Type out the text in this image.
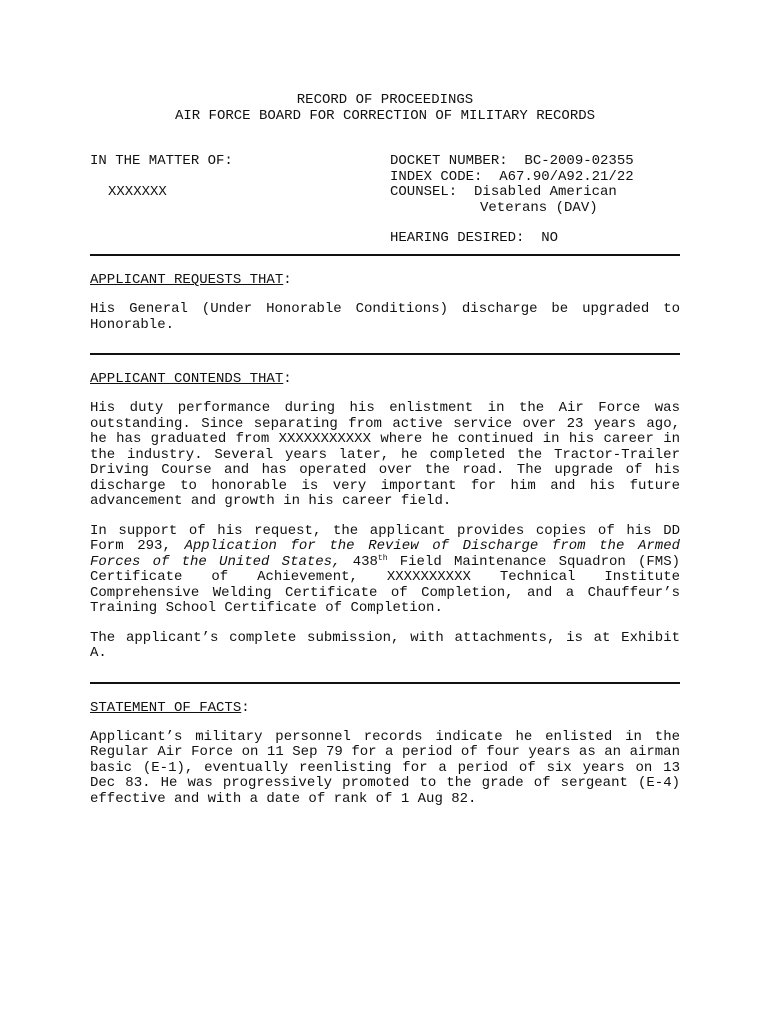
RECORD OF PROCEEDINGS
AIR FORCE BOARD FOR CORRECTION OF MILITARY RECORDS
IN THE MATTER OF:
XXXXXXX
DOCKET NUMBER:  BC-2009-02355
INDEX CODE:  A67.90/A92.21/22
COUNSEL:  Disabled American
Veterans (DAV)
HEARING DESIRED:  NO
APPLICANT REQUESTS THAT:

His General (Under Honorable Conditions) discharge be upgraded to Honorable.

APPLICANT CONTENDS THAT:

His duty performance during his enlistment in the Air Force was outstanding. Since separating from active service over 23 years ago, he has graduated from XXXXXXXXXXX where he continued in his career in the industry. Several years later, he completed the Tractor-Trailer Driving Course and has operated over the road. The upgrade of his discharge to honorable is very important for him and his future advancement and growth in his career field.

In support of his request, the applicant provides copies of his DD Form 293, Application for the Review of Discharge from the Armed Forces of the United States, 438th Field Maintenance Squadron (FMS) Certificate of Achievement, XXXXXXXXXX Technical Institute Comprehensive Welding Certificate of Completion, and a Chauffeur’s Training School Certificate of Completion.

The applicant’s complete submission, with attachments, is at Exhibit A.

STATEMENT OF FACTS:

Applicant’s military personnel records indicate he enlisted in the Regular Air Force on 11 Sep 79 for a period of four years as an airman basic (E-1), eventually reenlisting for a period of six years on 13 Dec 83. He was progressively promoted to the grade of sergeant (E-4) effective and with a date of rank of 1 Aug 82.
